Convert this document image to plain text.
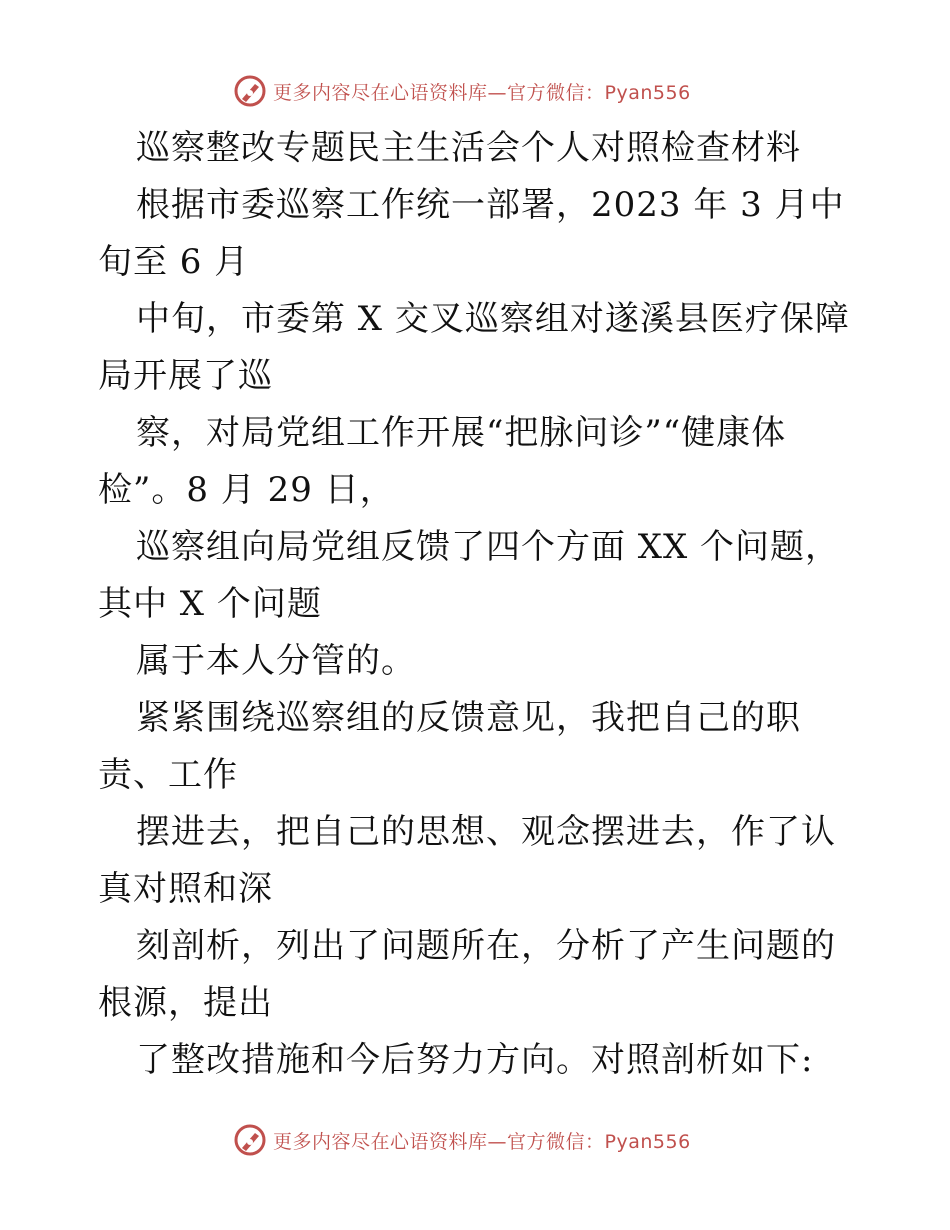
更多内容尽在心语资料库—官方微信：Pyan556

巡察整改专题民主生活会个人对照检查材料

根据市委巡察工作统一部署，2023 年 3 月中旬至 6 月

中旬，市委第 X 交叉巡察组对遂溪县医疗保障局开展了巡

察，对局党组工作开展“把脉问诊”“健康体检”。8 月 29 日，

巡察组向局党组反馈了四个方面 XX 个问题，其中 X 个问题

属于本人分管的。

紧紧围绕巡察组的反馈意见，我把自己的职责、工作

摆进去，把自己的思想、观念摆进去，作了认真对照和深

刻剖析，列出了问题所在，分析了产生问题的根源，提出

了整改措施和今后努力方向。对照剖析如下:

更多内容尽在心语资料库—官方微信：Pyan556
